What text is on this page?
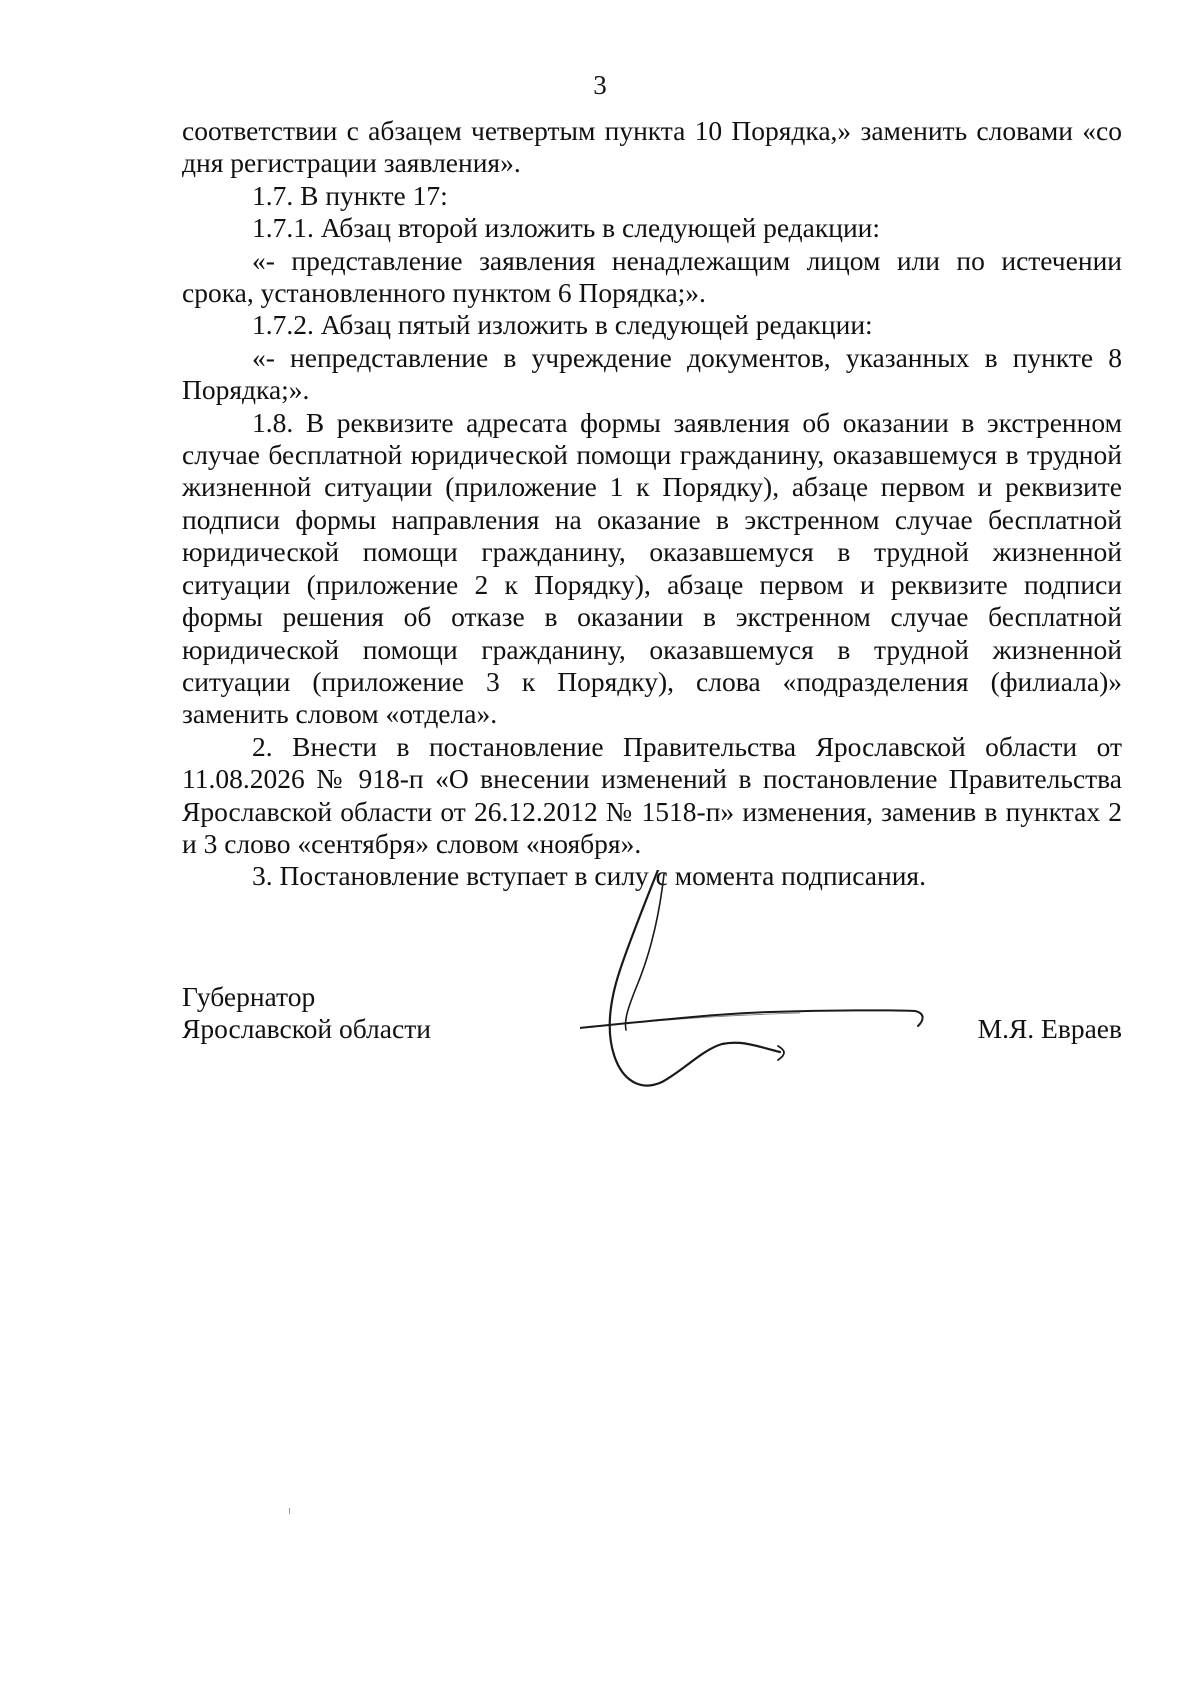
3

соответствии с абзацем четвертым пункта 10 Порядка,» заменить словами «со дня регистрации заявления».

1.7. В пункте 17:

1.7.1. Абзац второй изложить в следующей редакции:

«- представление заявления ненадлежащим лицом или по истечении срока, установленного пунктом 6 Порядка;».

1.7.2. Абзац пятый изложить в следующей редакции:

«- непредставление в учреждение документов, указанных в пункте 8 Порядка;».

1.8. В реквизите адресата формы заявления об оказании в экстренном случае бесплатной юридической помощи гражданину, оказавшемуся в трудной жизненной ситуации (приложение 1 к Порядку), абзаце первом и реквизите подписи формы направления на оказание в экстренном случае бесплатной юридической помощи гражданину, оказавшемуся в трудной жизненной ситуации (приложение 2 к Порядку), абзаце первом и реквизите подписи формы решения об отказе в оказании в экстренном случае бесплатной юридической помощи гражданину, оказавшемуся в трудной жизненной ситуации (приложение 3 к Порядку), слова «подразделения (филиала)» заменить словом «отдела».

2. Внести в постановление Правительства Ярославской области от 11.08.2026 № 918-п «О внесении изменений в постановление Правительства Ярославской области от 26.12.2012 № 1518-п» изменения, заменив в пунктах 2 и 3 слово «сентября» словом «ноября».

3. Постановление вступает в силу с момента подписания.

Губернатор

Ярославской области	М.Я. Евраев
